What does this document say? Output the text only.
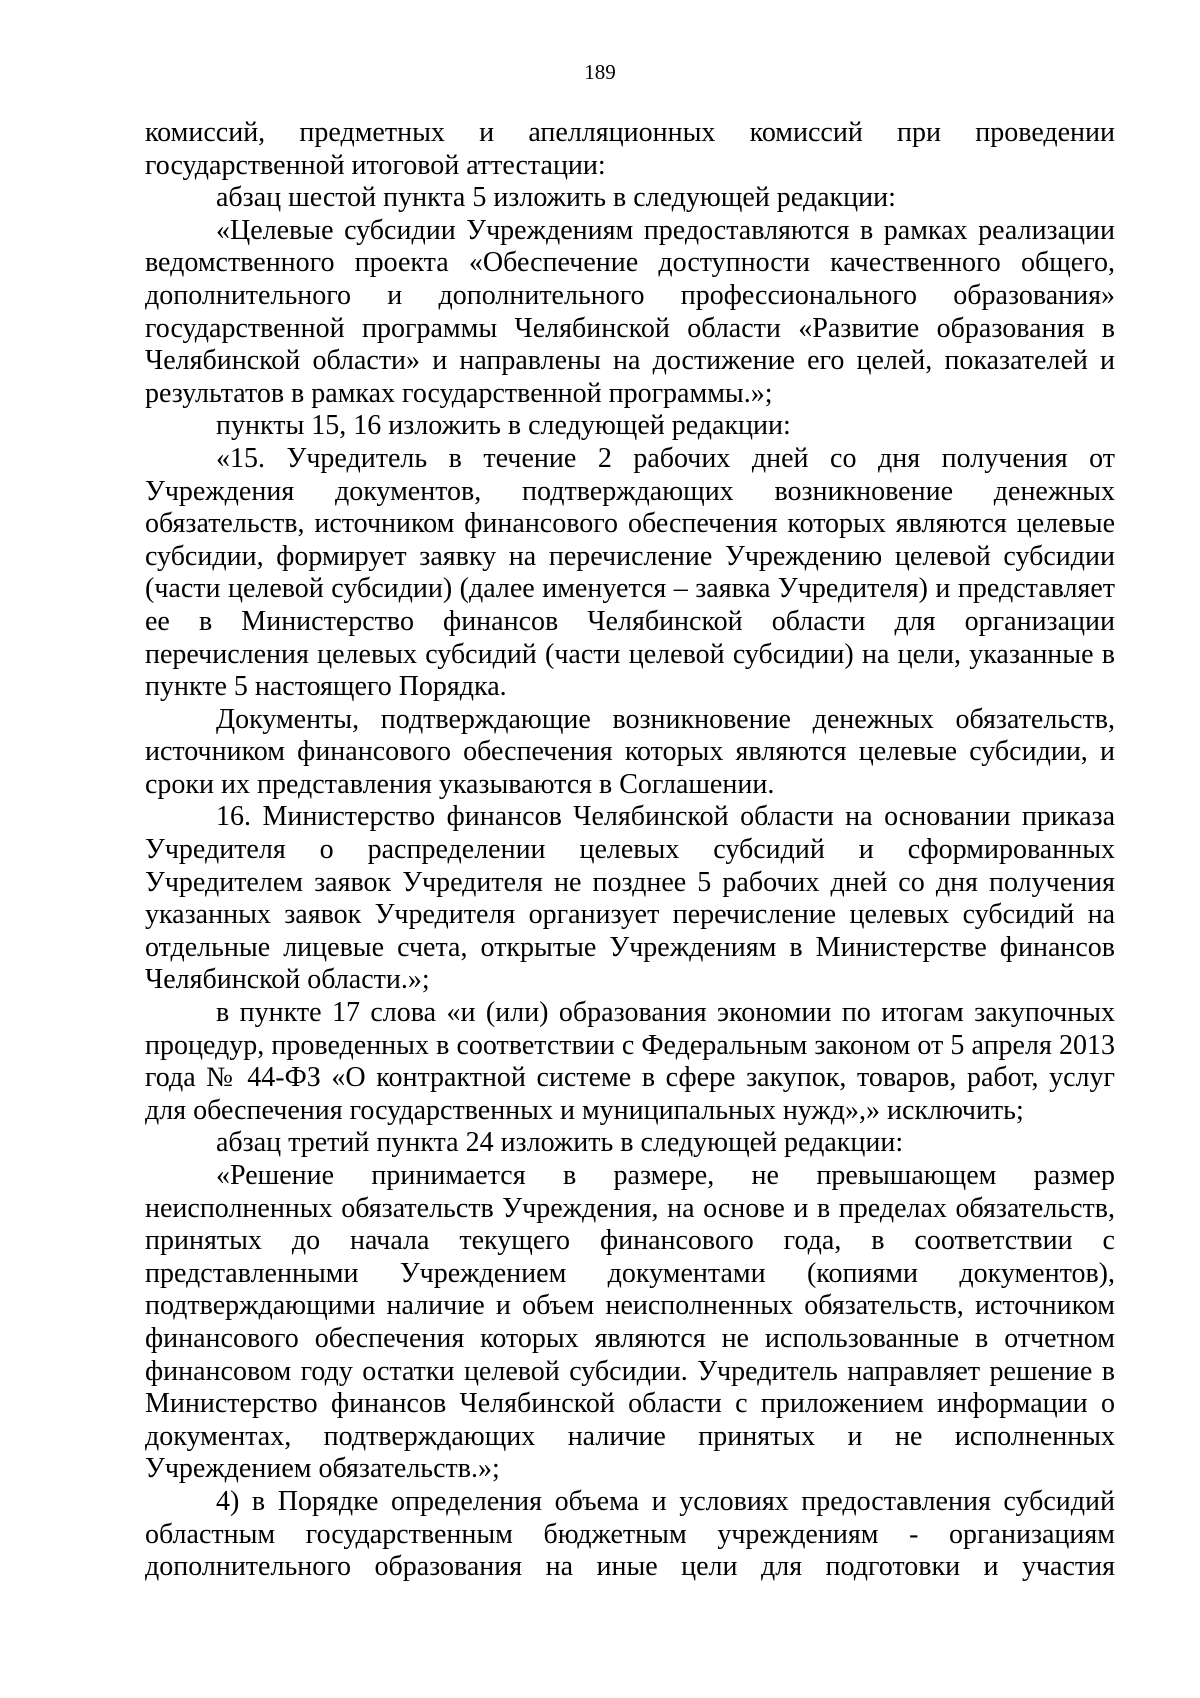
189

комиссий, предметных и апелляционных комиссий при проведении государственной итоговой аттестации:

абзац шестой пункта 5 изложить в следующей редакции:

«Целевые субсидии Учреждениям предоставляются в рамках реализации ведомственного проекта «Обеспечение доступности качественного общего, дополнительного и дополнительного профессионального образования» государственной программы Челябинской области «Развитие образования в Челябинской области» и направлены на достижение его целей, показателей и результатов в рамках государственной программы.»;

пункты 15, 16 изложить в следующей редакции:

«15. Учредитель в течение 2 рабочих дней со дня получения от Учреждения документов, подтверждающих возникновение денежных обязательств, источником финансового обеспечения которых являются целевые субсидии, формирует заявку на перечисление Учреждению целевой субсидии (части целевой субсидии) (далее именуется – заявка Учредителя) и представляет ее в Министерство финансов Челябинской области для организации перечисления целевых субсидий (части целевой субсидии) на цели, указанные в пункте 5 настоящего Порядка.

Документы, подтверждающие возникновение денежных обязательств, источником финансового обеспечения которых являются целевые субсидии, и сроки их представления указываются в Соглашении.

16. Министерство финансов Челябинской области на основании приказа Учредителя о распределении целевых субсидий и сформированных Учредителем заявок Учредителя не позднее 5 рабочих дней со дня получения указанных заявок Учредителя организует перечисление целевых субсидий на отдельные лицевые счета, открытые Учреждениям в Министерстве финансов Челябинской области.»;

в пункте 17 слова «и (или) образования экономии по итогам закупочных процедур, проведенных в соответствии с Федеральным законом от 5 апреля 2013 года № 44-ФЗ «О контрактной системе в сфере закупок, товаров, работ, услуг для обеспечения государственных и муниципальных нужд»,» исключить;

абзац третий пункта 24 изложить в следующей редакции:

«Решение принимается в размере, не превышающем размер неисполненных обязательств Учреждения, на основе и в пределах обязательств, принятых до начала текущего финансового года, в соответствии с представленными Учреждением документами (копиями документов), подтверждающими наличие и объем неисполненных обязательств, источником финансового обеспечения которых являются не использованные в отчетном финансовом году остатки целевой субсидии. Учредитель направляет решение в Министерство финансов Челябинской области с приложением информации о документах, подтверждающих наличие принятых и не исполненных Учреждением обязательств.»;

4) в Порядке определения объема и условиях предоставления субсидий областным государственным бюджетным учреждениям - организациям дополнительного образования на иные цели для подготовки и участия
